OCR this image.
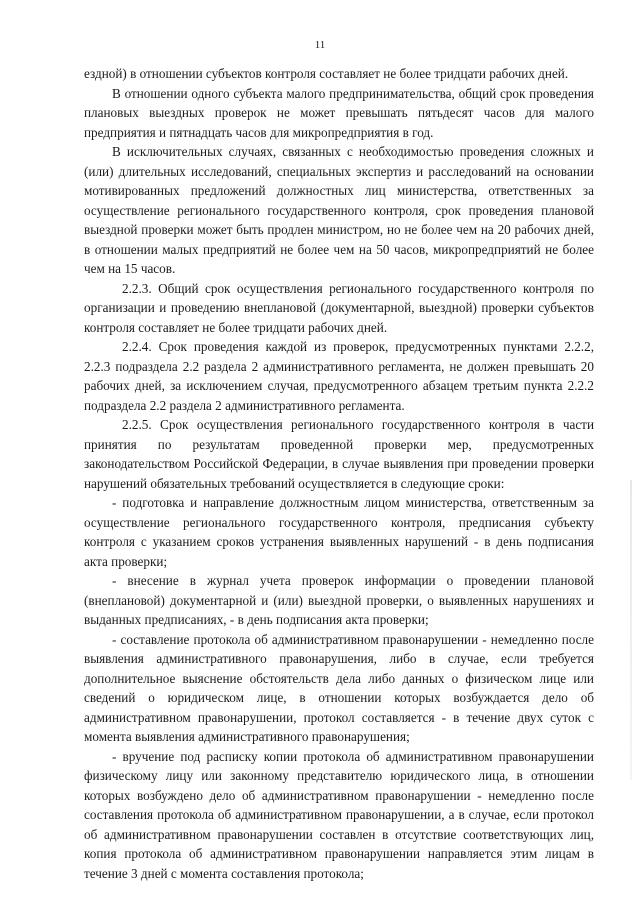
11

ездной) в отношении субъектов контроля составляет не более тридцати рабочих дней.

В отношении одного субъекта малого предпринимательства, общий срок проведения плановых выездных проверок не может превышать пятьдесят часов для малого предприятия и пятнадцать часов для микропредприятия в год.

В исключительных случаях, связанных с необходимостью проведения сложных и (или) длительных исследований, специальных экспертиз и расследований на основании мотивированных предложений должностных лиц министерства, ответственных за осуществление регионального государственного контроля, срок проведения плановой выездной проверки может быть продлен министром, но не более чем на 20 рабочих дней, в отношении малых предприятий не более чем на 50 часов, микропредприятий не более чем на 15 часов.

2.2.3. Общий срок осуществления регионального государственного контроля по организации и проведению внеплановой (документарной, выездной) проверки субъектов контроля составляет не более тридцати рабочих дней.

2.2.4. Срок проведения каждой из проверок, предусмотренных пунктами 2.2.2, 2.2.3 подраздела 2.2 раздела 2 административного регламента, не должен превышать 20 рабочих дней, за исключением случая, предусмотренного абзацем третьим пункта 2.2.2 подраздела 2.2 раздела 2 административного регламента.

2.2.5. Срок осуществления регионального государственного контроля в части принятия по результатам проведенной проверки мер, предусмотренных законодательством Российской Федерации, в случае выявления при проведении проверки нарушений обязательных требований осуществляется в следующие сроки:

- подготовка и направление должностным лицом министерства, ответственным за осуществление регионального государственного контроля, предписания субъекту контроля с указанием сроков устранения выявленных нарушений - в день подписания акта проверки;

- внесение в журнал учета проверок информации о проведении плановой (внеплановой) документарной и (или) выездной проверки, о выявленных нарушениях и выданных предписаниях, - в день подписания акта проверки;

- составление протокола об административном правонарушении - немедленно после выявления административного правонарушения, либо в случае, если требуется дополнительное выяснение обстоятельств дела либо данных о физическом лице или сведений о юридическом лице, в отношении которых возбуждается дело об административном правонарушении, протокол составляется - в течение двух суток с момента выявления административного правонарушения;

- вручение под расписку копии протокола об административном правонарушении физическому лицу или законному представителю юридического лица, в отношении которых возбуждено дело об административном правонарушении - немедленно после составления протокола об административном правонарушении, а в случае, если протокол об административном правонарушении составлен в отсутствие соответствующих лиц, копия протокола об административном правонарушении направляется этим лицам в течение 3 дней с момента составления протокола;
